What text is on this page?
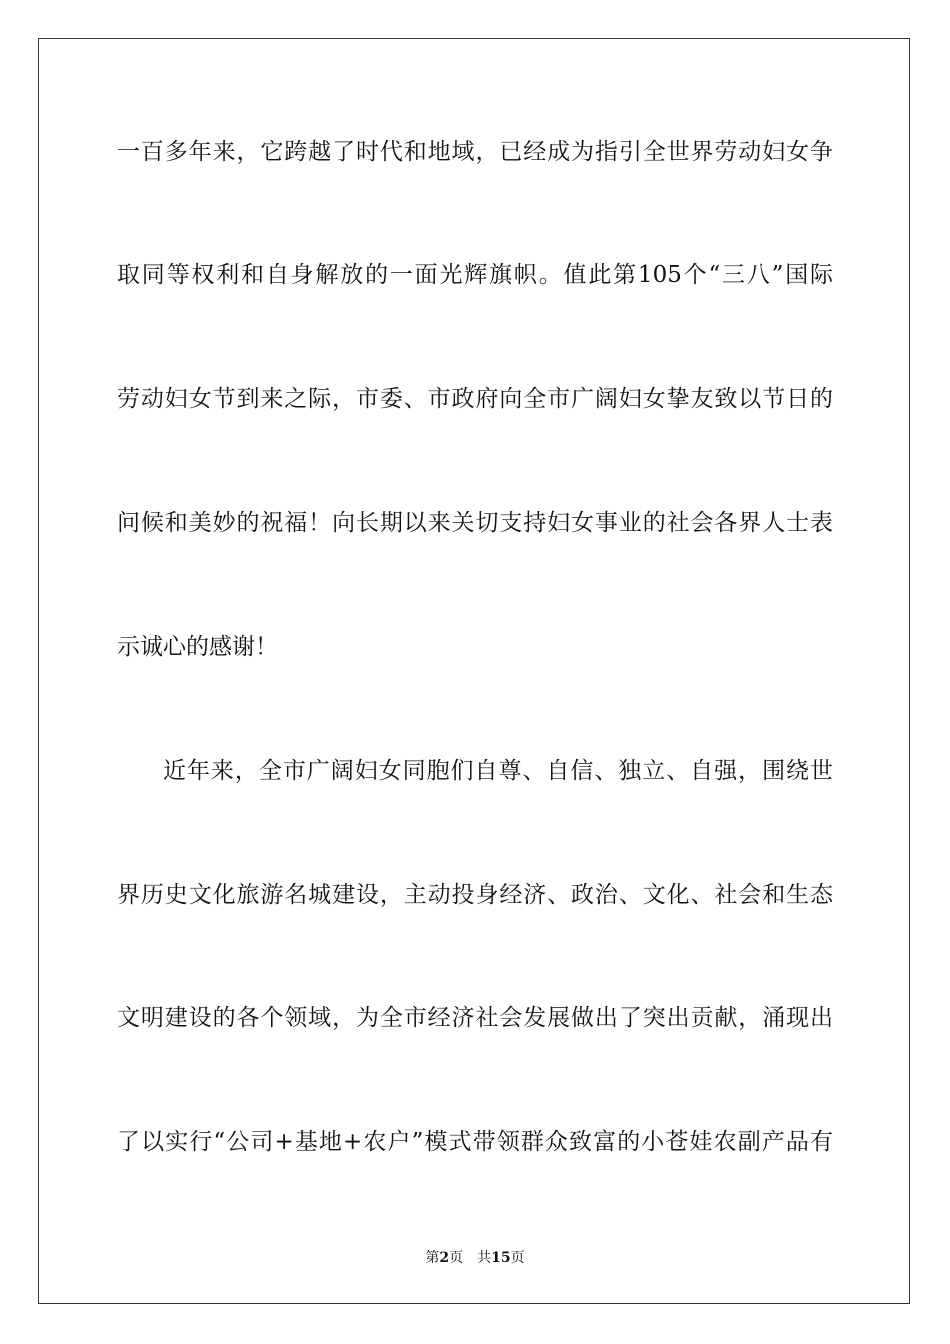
一百多年来，它跨越了时代和地域，已经成为指引全世界劳动妇女争
取同等权利和自身解放的一面光辉旗帜。值此第105个“三八”国际
劳动妇女节到来之际，市委、市政府向全市广阔妇女挚友致以节日的
问候和美妙的祝福！向长期以来关切支持妇女事业的社会各界人士表
示诚心的感谢！
近年来，全市广阔妇女同胞们自尊、自信、独立、自强，围绕世
界历史文化旅游名城建设，主动投身经济、政治、文化、社会和生态
文明建设的各个领域，为全市经济社会发展做出了突出贡献，涌现出
了以实行“公司+基地+农户”模式带领群众致富的小苍娃农副产品有
第2页 共15页
